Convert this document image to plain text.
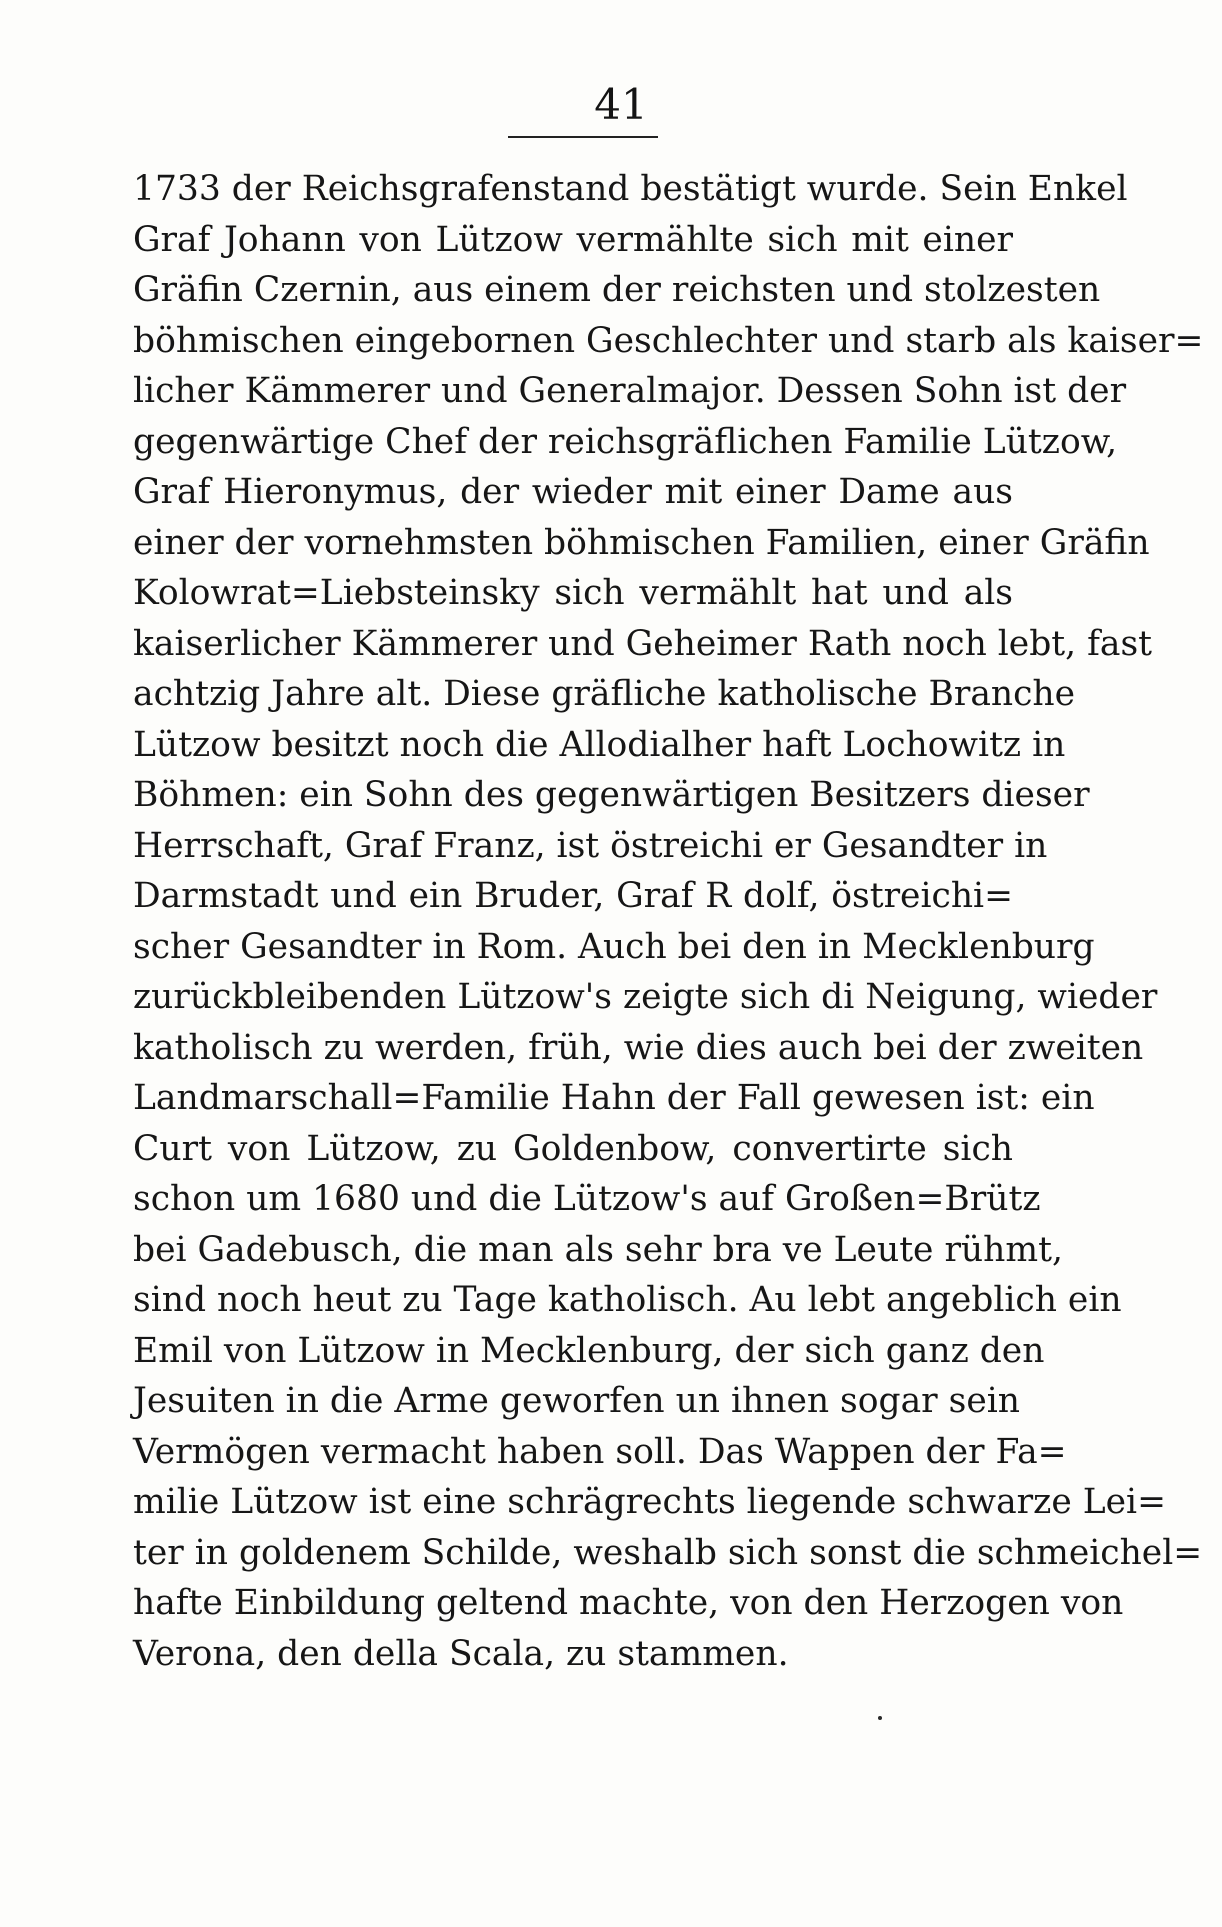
41
1733 der Reichsgrafenstand bestätigt wurde. Sein Enkel
Graf Johann von Lützow vermählte sich mit einer
Gräfin Czernin, aus einem der reichsten und stolzesten
böhmischen eingebornen Geschlechter und starb als kaiser=
licher Kämmerer und Generalmajor. Dessen Sohn ist der
gegenwärtige Chef der reichsgräflichen Familie Lützow,
Graf Hieronymus, der wieder mit einer Dame aus
einer der vornehmsten böhmischen Familien, einer Gräfin
Kolowrat=Liebsteinsky sich vermählt hat und als
kaiserlicher Kämmerer und Geheimer Rath noch lebt, fast
achtzig Jahre alt. Diese gräfliche katholische Branche
Lützow besitzt noch die Allodialher haft Lochowitz in
Böhmen: ein Sohn des gegenwärtigen Besitzers dieser
Herrschaft, Graf Franz, ist östreichi er Gesandter in
Darmstadt und ein Bruder, Graf R dolf, östreichi=
scher Gesandter in Rom. Auch bei den in Mecklenburg
zurückbleibenden Lützow's zeigte sich di Neigung, wieder
katholisch zu werden, früh, wie dies auch bei der zweiten
Landmarschall=Familie Hahn der Fall gewesen ist: ein
Curt von Lützow, zu Goldenbow, convertirte sich
schon um 1680 und die Lützow's auf Großen=Brütz
bei Gadebusch, die man als sehr bra ve Leute rühmt,
sind noch heut zu Tage katholisch. Au lebt angeblich ein
Emil von Lützow in Mecklenburg, der sich ganz den
Jesuiten in die Arme geworfen un ihnen sogar sein
Vermögen vermacht haben soll. Das Wappen der Fa=
milie Lützow ist eine schrägrechts liegende schwarze Lei=
ter in goldenem Schilde, weshalb sich sonst die schmeichel=
hafte Einbildung geltend machte, von den Herzogen von
Verona, den della Scala, zu stammen.
